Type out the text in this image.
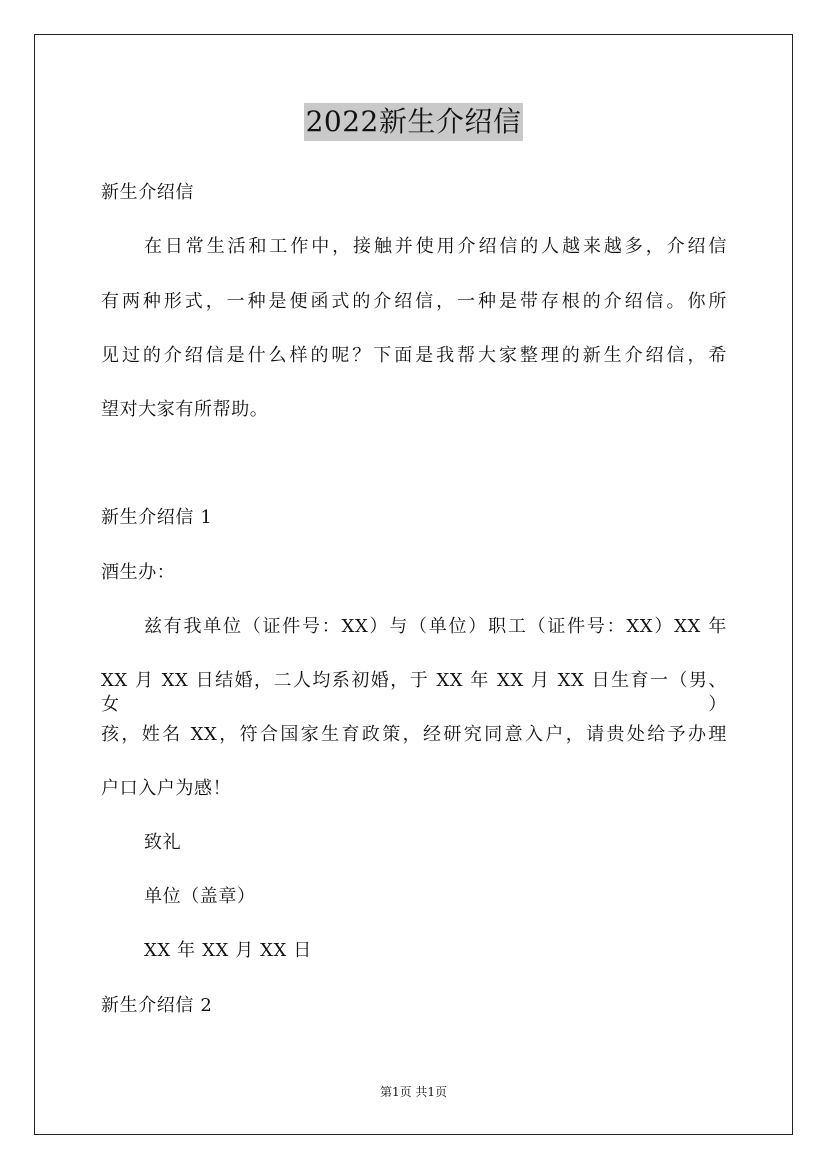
2022新生介绍信
新生介绍信
在日常生活和工作中，接触并使用介绍信的人越来越多，介绍信
有两种形式，一种是便函式的介绍信，一种是带存根的介绍信。你所
见过的介绍信是什么样的呢？下面是我帮大家整理的新生介绍信，希
望对大家有所帮助。
新生介绍信 1
酒生办：
兹有我单位（证件号：XX）与（单位）职工（证件号：XX）XX 年
XX 月 XX 日结婚，二人均系初婚，于 XX 年 XX 月 XX 日生育一（男、女）
孩，姓名 XX，符合国家生育政策，经研究同意入户，请贵处给予办理
户口入户为感！
致礼
单位（盖章）
XX 年 XX 月 XX 日
新生介绍信 2
第1页 共1页
